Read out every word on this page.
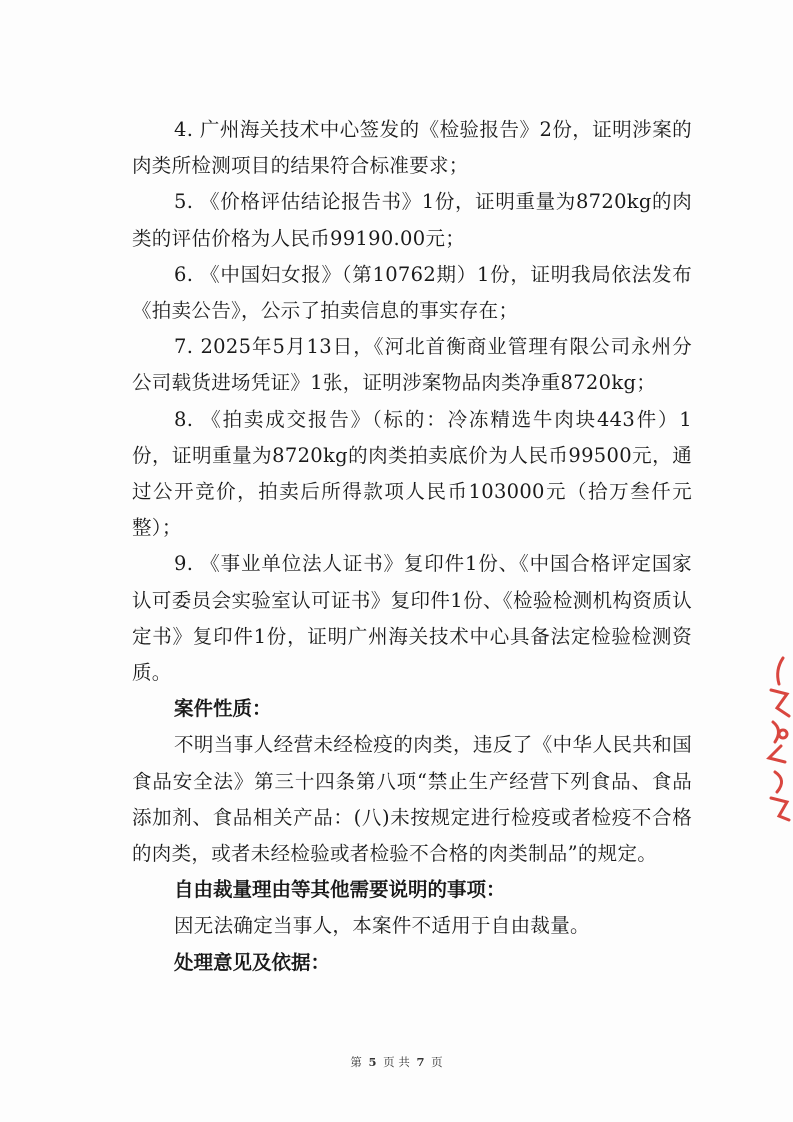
4. 广州海关技术中心签发的《检验报告》2份，证明涉案的肉类所检测项目的结果符合标准要求；

5. 《价格评估结论报告书》1份，证明重量为8720kg的肉类的评估价格为人民币99190.00元；

6. 《中国妇女报》（第10762期）1份，证明我局依法发布《拍卖公告》，公示了拍卖信息的事实存在；

7. 2025年5月13日，《河北首衡商业管理有限公司永州分公司载货进场凭证》1张，证明涉案物品肉类净重8720kg；

8. 《拍卖成交报告》（标的：冷冻精选牛肉块443件）1份，证明重量为8720kg的肉类拍卖底价为人民币99500元，通过公开竞价，拍卖后所得款项人民币103000元（拾万叁仟元整）；

9. 《事业单位法人证书》复印件1份、《中国合格评定国家认可委员会实验室认可证书》复印件1份、《检验检测机构资质认定书》复印件1份，证明广州海关技术中心具备法定检验检测资质。

案件性质：

不明当事人经营未经检疫的肉类，违反了《中华人民共和国食品安全法》第三十四条第八项“禁止生产经营下列食品、食品添加剂、食品相关产品：(八)未按规定进行检疫或者检疫不合格的肉类，或者未经检验或者检验不合格的肉类制品”的规定。

自由裁量理由等其他需要说明的事项：

因无法确定当事人，本案件不适用于自由裁量。

处理意见及依据：

第 5 页 共 7 页
